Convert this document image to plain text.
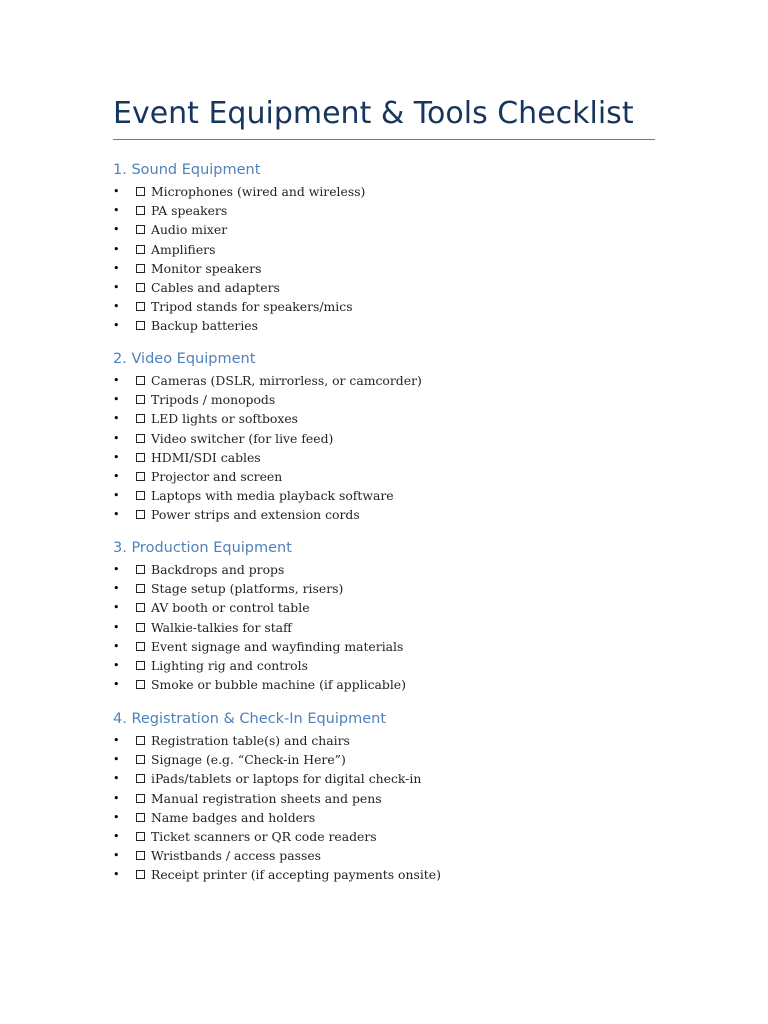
Event Equipment & Tools Checklist
1. Sound Equipment
•	Microphones (wired and wireless)
•	PA speakers
•	Audio mixer
•	Amplifiers
•	Monitor speakers
•	Cables and adapters
•	Tripod stands for speakers/mics
•	Backup batteries
2. Video Equipment
•	Cameras (DSLR, mirrorless, or camcorder)
•	Tripods / monopods
•	LED lights or softboxes
•	Video switcher (for live feed)
•	HDMI/SDI cables
•	Projector and screen
•	Laptops with media playback software
•	Power strips and extension cords
3. Production Equipment
•	Backdrops and props
•	Stage setup (platforms, risers)
•	AV booth or control table
•	Walkie-talkies for staff
•	Event signage and wayfinding materials
•	Lighting rig and controls
•	Smoke or bubble machine (if applicable)
4. Registration & Check-In Equipment
•	Registration table(s) and chairs
•	Signage (e.g. “Check-in Here”)
•	iPads/tablets or laptops for digital check-in
•	Manual registration sheets and pens
•	Name badges and holders
•	Ticket scanners or QR code readers
•	Wristbands / access passes
•	Receipt printer (if accepting payments onsite)
